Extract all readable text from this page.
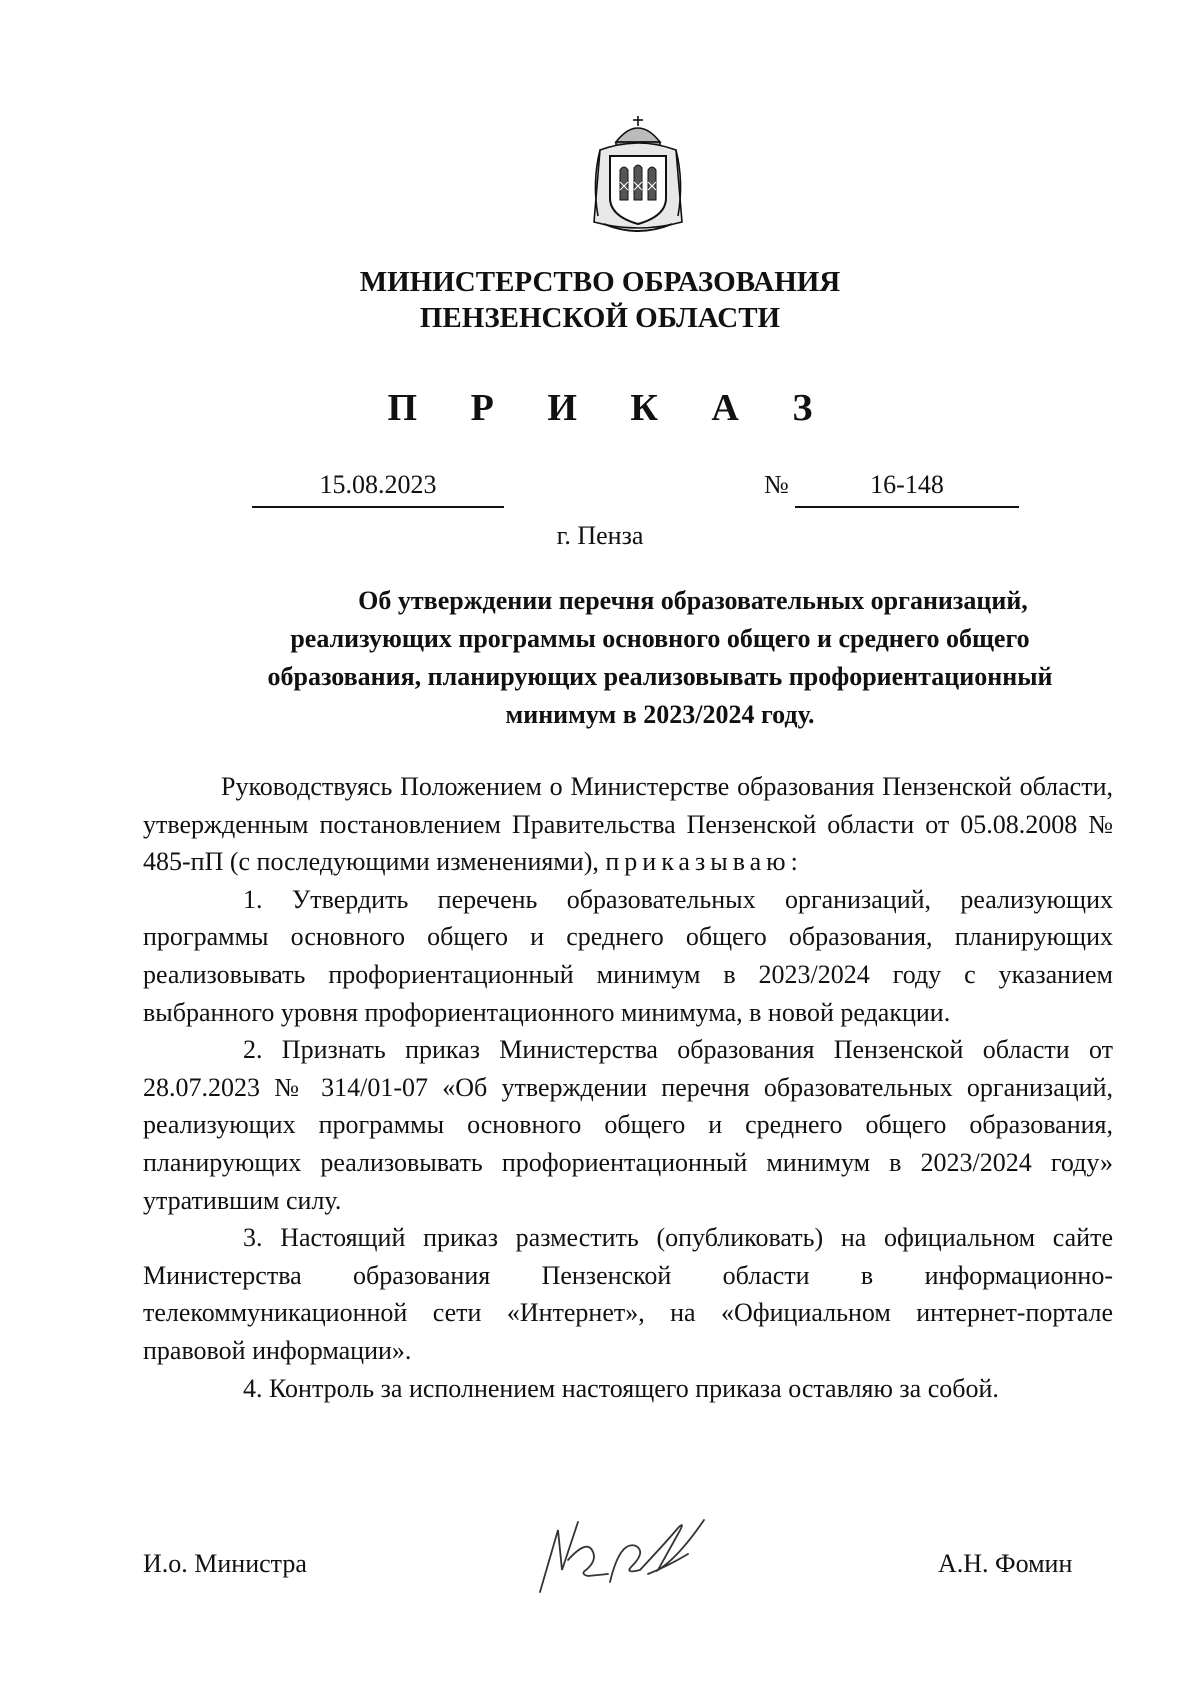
МИНИСТЕРСТВО ОБРАЗОВАНИЯ
ПЕНЗЕНСКОЙ ОБЛАСТИ
П Р И К А З
15.08.2023	№	16-148
г. Пенза
Об утверждении перечня образовательных организаций,
реализующих программы основного общего и среднего общего
образования, планирующих реализовывать профориентационный
минимум в 2023/2024 году.

Руководствуясь Положением о Министерстве образования Пензенской области, утвержденным постановлением Правительства Пензенской области от 05.08.2008 № 485-пП (с последующими изменениями), приказываю:

1. Утвердить перечень образовательных организаций, реализующих программы основного общего и среднего общего образования, планирующих реализовывать профориентационный минимум в 2023/2024 году с указанием выбранного уровня профориентационного минимума, в новой редакции.

2. Признать приказ Министерства образования Пензенской области от 28.07.2023 № 314/01-07 «Об утверждении перечня образовательных организаций, реализующих программы основного общего и среднего общего образования, планирующих реализовывать профориентационный минимум в 2023/2024 году» утратившим силу.

3. Настоящий приказ разместить (опубликовать) на официальном сайте Министерства образования Пензенской области в информационно-телекоммуникационной сети «Интернет», на «Официальном интернет-портале правовой информации».

4. Контроль за исполнением настоящего приказа оставляю за собой.

И.о. Министра	А.Н. Фомин
